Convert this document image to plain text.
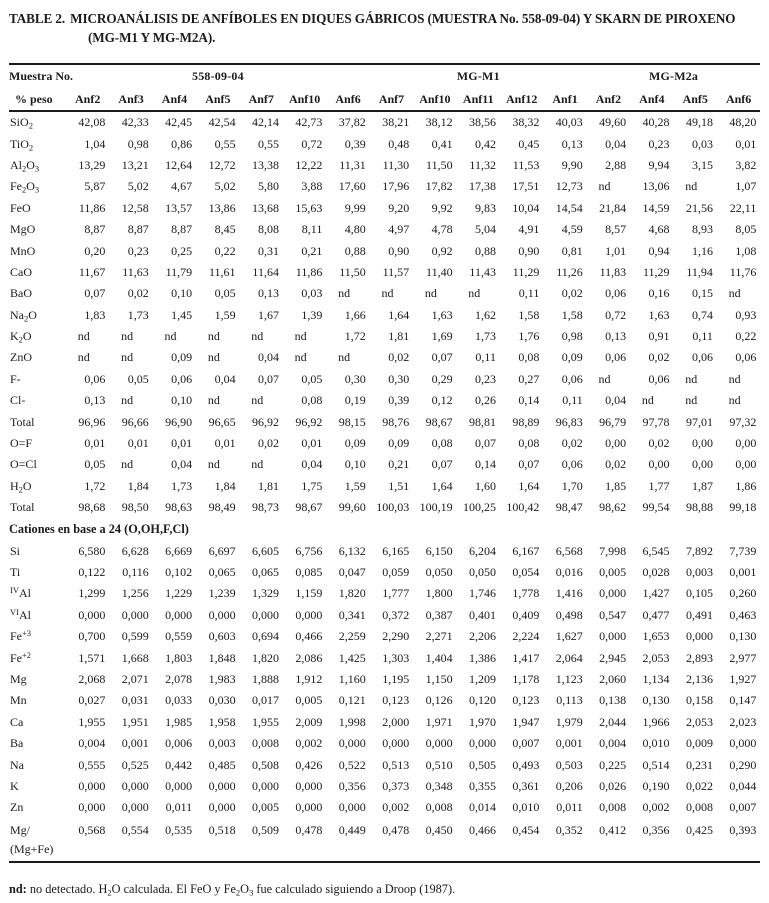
TABLE 2. MICROANÁLISIS DE ANFÍBOLES EN DIQUES GÁBRICOS (MUESTRA No. 558-09-04) Y SKARN DE PIROXENO (MG-M1 Y MG-M2A).
Muestra No.	558-09-04							MG-M1					MG-M2a			
% peso	Anf2	Anf3	Anf4	Anf5	Anf7	Anf10	Anf6	Anf7	Anf10	Anf11	Anf12	Anf1	Anf2	Anf4	Anf5	Anf6
SiO$_2$	42,08	42,33	42,45	42,54	42,14	42,73	37,82	38,21	38,12	38,56	38,32	40,03	49,60	40,28	49,18	48,20
TiO$_2$	1,04	0,98	0,86	0,55	0,55	0,72	0,39	0,48	0,41	0,42	0,45	0,13	0,04	0,23	0,03	0,01
$Al_2O_3$	13,29	13,21	12,64	12,72	13,38	12,22	11,31	11,30	11,50	11,32	11,53	9,90	2,88	9,94	3,15	3,82
$Fe_2O_3$	5,87	5,02	4,67	5,02	5,80	3,88	17,60	17,96	17,82	17,38	17,51	12,73	nd	13,06	nd	1,07
FeO	11,86	12,58	13,57	13,86	13,68	15,63	9,99	9,20	9,92	9,83	10,04	14,54	21,84	14,59	21,56	22,11
MgO	8,87	8,87	8,87	8,45	8,08	8,11	4,80	4,97	4,78	5,04	4,91	4,59	8,57	4,68	8,93	8,05
MnO	0,20	0,23	0,25	0,22	0,31	0,21	0,88	0,90	0,92	0,88	0,90	0,81	1,01	0,94	1,16	1,08
CaO	11,67	11,63	11,79	11,61	11,64	11,86	11,50	11,57	11,40	11,43	11,29	11,26	11,83	11,29	11,94	11,76
BaO	0,07	0,02	0,10	0,05	0,13	0,03	nd	nd	nd	nd	0,11	0,02	0,06	0,16	0,15	nd
$Na_2O$	1,83	1,73	1,45	1,59	1,67	1,39	1,66	1,64	1,63	1,62	1,58	1,58	0,72	1,63	0,74	0,93
$K_2O$	nd	nd	nd	nd	nd	nd	1,72	1,81	1,69	1,73	1,76	0,98	0,13	0,91	0,11	0,22
ZnO	nd	nd	0,09	nd	0,04	nd	nd	0,02	0,07	0,11	0,08	0,09	0,06	0,02	0,06	0,06
F-	0,06	0,05	0,06	0,04	0,07	0,05	0,30	0,30	0,29	0,23	0,27	0,06	nd	0,06	nd	nd
Cl-	0,13	nd	0,10	nd	nd	0,08	0,19	0,39	0,12	0,26	0,14	0,11	0,04	nd	nd	nd
Total	96,96	96,66	96,90	96,65	96,92	96,92	98,15	98,76	98,67	98,81	98,89	96,83	96,79	97,78	97,01	97,32
O=F	0,01	0,01	0,01	0,01	0,02	0,01	0,09	0,09	0,08	0,07	0,08	0,02	0,00	0,02	0,00	0,00
O=Cl	0,05	nd	0,04	nd	nd	0,04	0,10	0,21	0,07	0,14	0,07	0,06	0,02	0,00	0,00	0,00
$H_2O$	1,72	1,84	1,73	1,84	1,81	1,75	1,59	1,51	1,64	1,60	1,64	1,70	1,85	1,77	1,87	1,86
Total	98,68	98,50	98,63	98,49	98,73	98,67	99,60	100,03	100,19	100,25	100,42	98,47	98,62	99,54	98,88	99,18
Cationes en base a 24 (O,OH,F,Cl)																
Si	6,580	6,628	6,669	6,697	6,605	6,756	6,132	6,165	6,150	6,204	6,167	6,568	7,998	6,545	7,892	7,739
Ti	0,122	0,116	0,102	0,065	0,065	0,085	0,047	0,059	0,050	0,050	0,054	0,016	0,005	0,028	0,003	0,001
$^{IV}$Al	1,299	1,256	1,229	1,239	1,329	1,159	1,820	1,777	1,800	1,746	1,778	1,416	0,000	1,427	0,105	0,260
$^{VI}$Al	0,000	0,000	0,000	0,000	0,000	0,000	0,341	0,372	0,387	0,401	0,409	0,498	0,547	0,477	0,491	0,463
$Fe^{+3}$	0,700	0,599	0,559	0,603	0,694	0,466	2,259	2,290	2,271	2,206	2,224	1,627	0,000	1,653	0,000	0,130
$Fe^{+2}$	1,571	1,668	1,803	1,848	1,820	2,086	1,425	1,303	1,404	1,386	1,417	2,064	2,945	2,053	2,893	2,977
Mg	2,068	2,071	2,078	1,983	1,888	1,912	1,160	1,195	1,150	1,209	1,178	1,123	2,060	1,134	2,136	1,927
Mn	0,027	0,031	0,033	0,030	0,017	0,005	0,121	0,123	0,126	0,120	0,123	0,113	0,138	0,130	0,158	0,147
Ca	1,955	1,951	1,985	1,958	1,955	2,009	1,998	2,000	1,971	1,970	1,947	1,979	2,044	1,966	2,053	2,023
Ba	0,004	0,001	0,006	0,003	0,008	0,002	0,000	0,000	0,000	0,000	0,007	0,001	0,004	0,010	0,009	0,000
Na	0,555	0,525	0,442	0,485	0,508	0,426	0,522	0,513	0,510	0,505	0,493	0,503	0,225	0,514	0,231	0,290
K	0,000	0,000	0,000	0,000	0,000	0,000	0,356	0,373	0,348	0,355	0,361	0,206	0,026	0,190	0,022	0,044
Zn	0,000	0,000	0,011	0,000	0,005	0,000	0,000	0,002	0,008	0,014	0,010	0,011	0,008	0,002	0,008	0,007
Mg/
(Mg+Fe)	0,568	0,554	0,535	0,518	0,509	0,478	0,449	0,478	0,450	0,466	0,454	0,352	0,412	0,356	0,425	0,393
nd: no detectado. $H_2O$ calculada. El FeO y $Fe_2O_3$ fue calculado siguiendo a Droop (1987).
